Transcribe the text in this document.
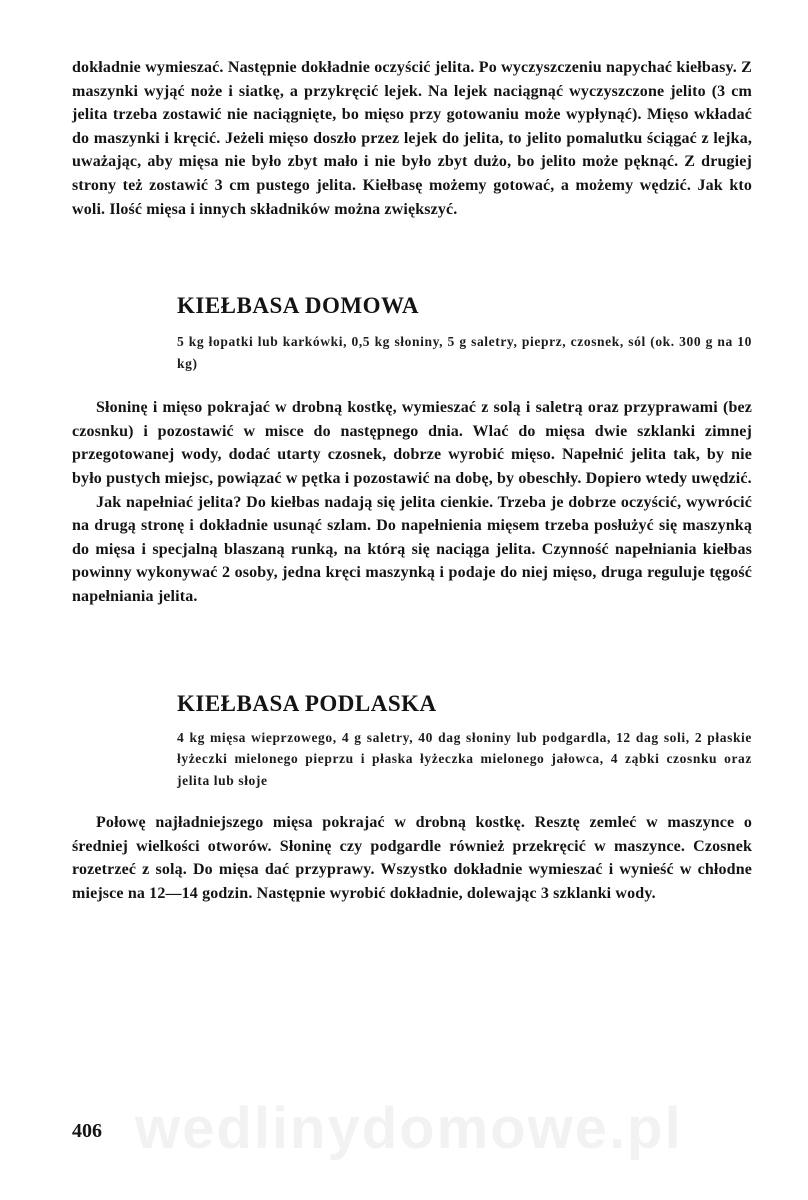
dokładnie wymieszać. Następnie dokładnie oczyścić jelita. Po wyczyszczeniu napychać kiełbasy. Z maszynki wyjąć noże i siatkę, a przykręcić lejek. Na lejek naciągnąć wyczyszczone jelito (3 cm jelita trzeba zostawić nie naciągnięte, bo mięso przy gotowaniu może wypłynąć). Mięso wkładać do maszynki i kręcić. Jeżeli mięso doszło przez lejek do jelita, to jelito pomalutku ściągać z lejka, uważając, aby mięsa nie było zbyt mało i nie było zbyt dużo, bo jelito może pęknąć. Z drugiej strony też zostawić 3 cm pustego jelita. Kiełbasę możemy gotować, a możemy wędzić. Jak kto woli. Ilość mięsa i innych składników można zwiększyć.

KIEŁBASA DOMOWA

5 kg łopatki lub karkówki, 0,5 kg słoniny, 5 g saletry, pieprz, czosnek, sól (ok. 300 g na 10 kg)

Słoninę i mięso pokrajać w drobną kostkę, wymieszać z solą i saletrą oraz przyprawami (bez czosnku) i pozostawić w misce do następnego dnia. Wlać do mięsa dwie szklanki zimnej przegotowanej wody, dodać utarty czosnek, dobrze wyrobić mięso. Napełnić jelita tak, by nie było pustych miejsc, powiązać w pętka i pozostawić na dobę, by obeschły. Dopiero wtedy uwędzić.

Jak napełniać jelita? Do kiełbas nadają się jelita cienkie. Trzeba je dobrze oczyścić, wywrócić na drugą stronę i dokładnie usunąć szlam. Do napełnienia mięsem trzeba posłużyć się maszynką do mięsa i specjalną blaszaną runką, na którą się naciąga jelita. Czynność napełniania kiełbas powinny wykonywać 2 osoby, jedna kręci maszynką i podaje do niej mięso, druga reguluje tęgość napełniania jelita.

KIEŁBASA PODLASKA

4 kg mięsa wieprzowego, 4 g saletry, 40 dag słoniny lub podgardla, 12 dag soli, 2 płaskie łyżeczki mielonego pieprzu i płaska łyżeczka mielonego jałowca, 4 ząbki czosnku oraz jelita lub słoje

Połowę najładniejszego mięsa pokrajać w drobną kostkę. Resztę zemleć w maszynce o średniej wielkości otworów. Słoninę czy podgardle również przekręcić w maszynce. Czosnek rozetrzeć z solą. Do mięsa dać przyprawy. Wszystko dokładnie wymieszać i wynieść w chłodne miejsce na 12—14 godzin. Następnie wyrobić dokładnie, dolewając 3 szklanki wody.

wedlinydomowe.pl

406
